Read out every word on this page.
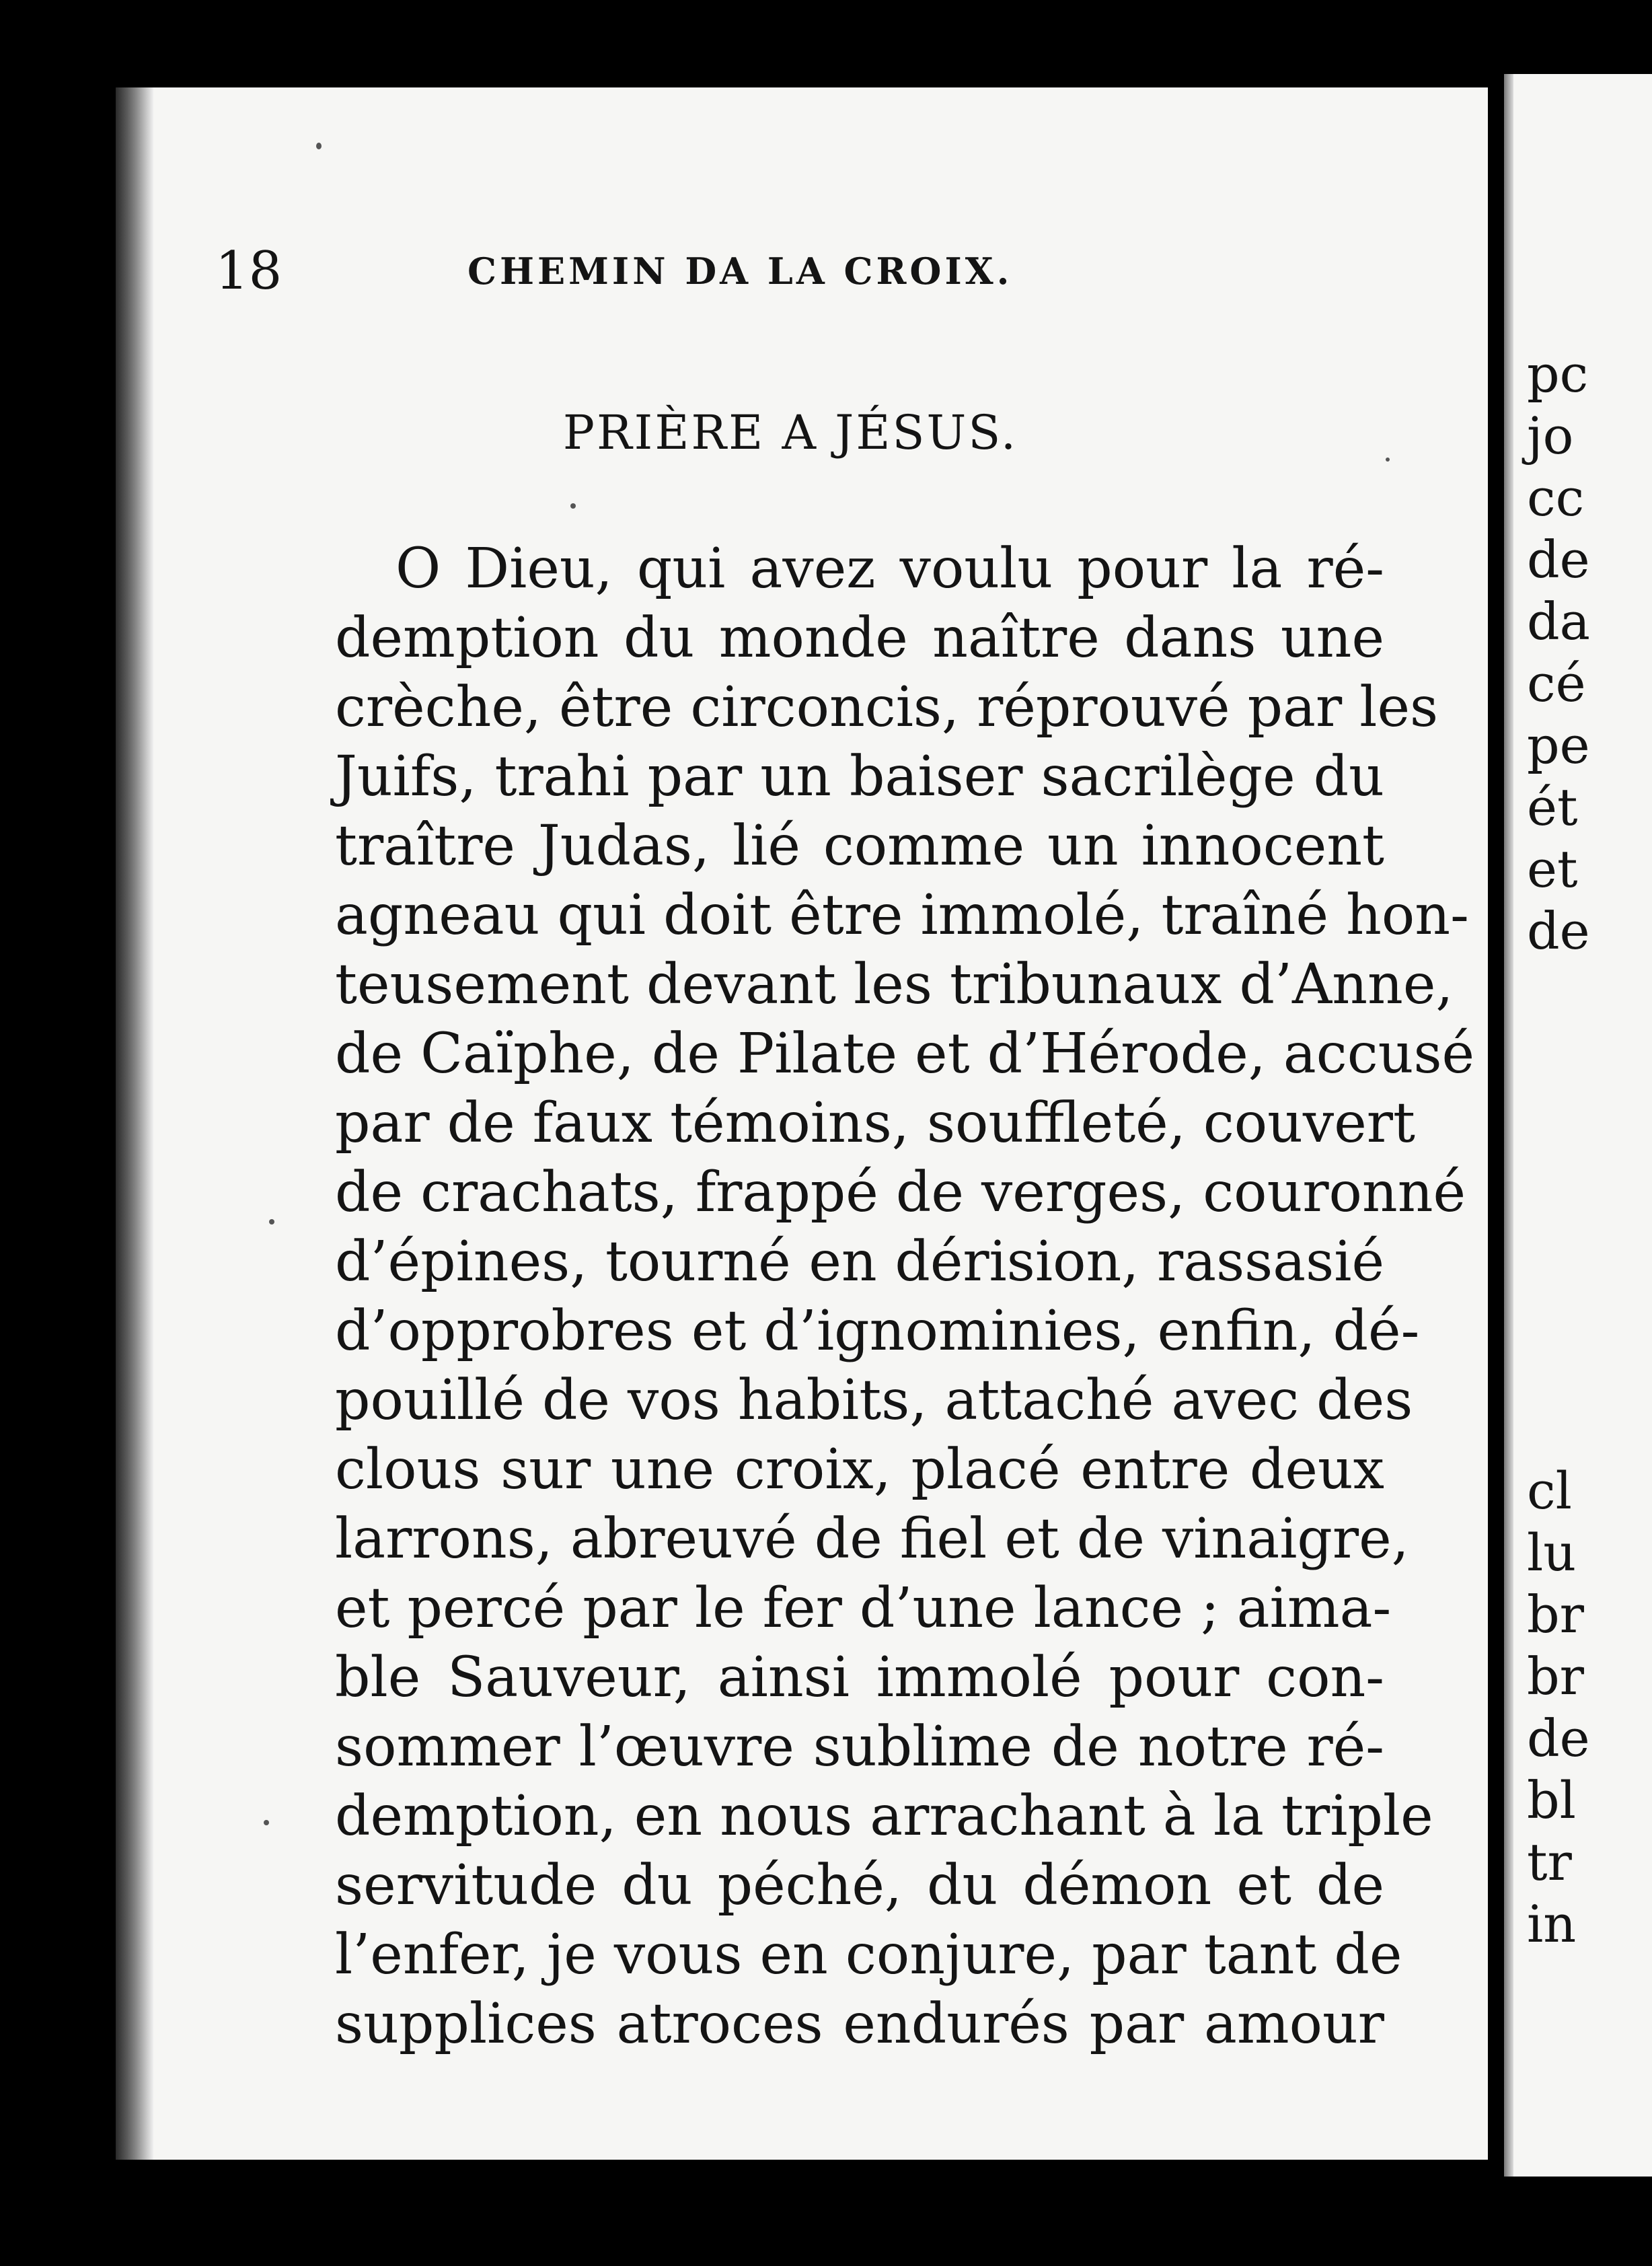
pc
jo
cc
de
da
cé
pe
ét
et
de
cl
lu
br
br
de
bl
tr
in
18	CHEMIN DA LA CROIX.
PRIÈRE A JÉSUS.
O Dieu, qui avez voulu pour la ré-
demption du monde naître dans une
crèche, être circoncis, réprouvé par les
Juifs, trahi par un baiser sacrilège du
traître Judas, lié comme un innocent
agneau qui doit être immolé, traîné hon-
teusement devant les tribunaux d’Anne,
de Caïphe, de Pilate et d’Hérode, accusé
par de faux témoins, souffleté, couvert
de crachats, frappé de verges, couronné
d’épines, tourné en dérision, rassasié
d’opprobres et d’ignominies, enfin, dé-
pouillé de vos habits, attaché avec des
clous sur une croix, placé entre deux
larrons, abreuvé de fiel et de vinaigre,
et percé par le fer d’une lance ; aima-
ble Sauveur, ainsi immolé pour con-
sommer l’œuvre sublime de notre ré-
demption, en nous arrachant à la triple
servitude du péché, du démon et de
l’enfer, je vous en conjure, par tant de
supplices atroces endurés par amour
